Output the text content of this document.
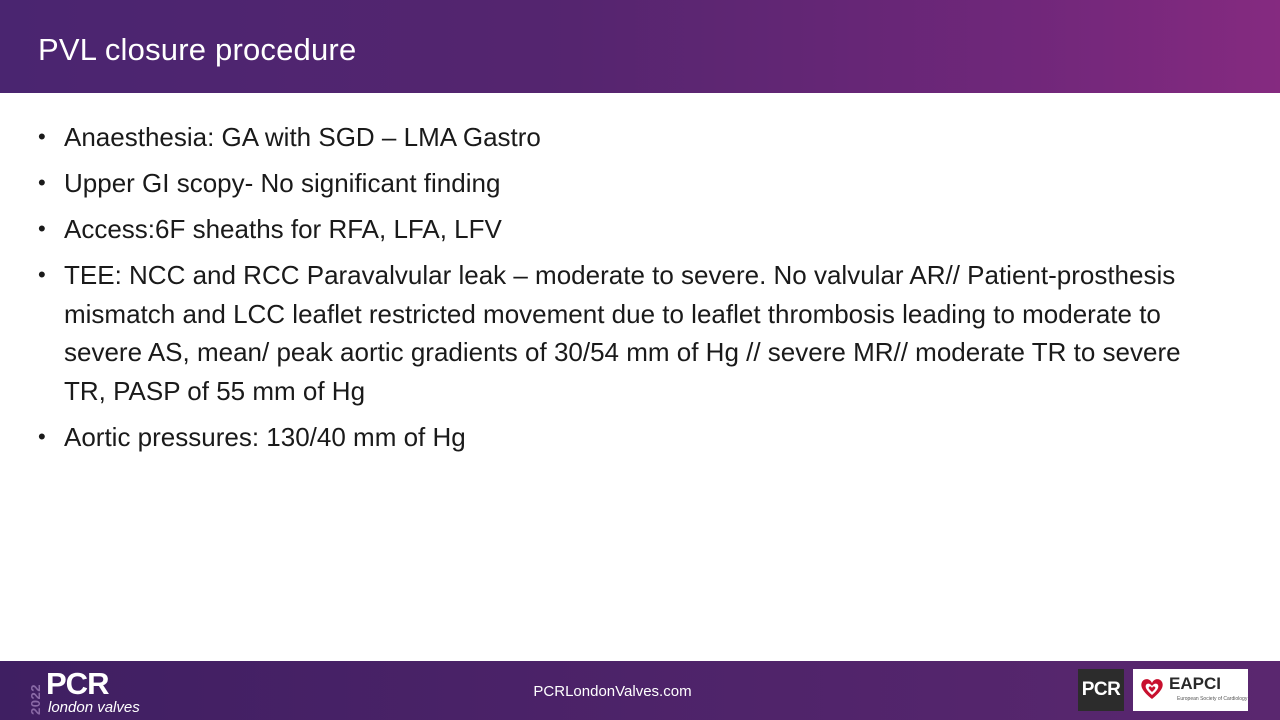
PVL closure procedure
• Anaesthesia: GA with SGD – LMA Gastro
• Upper GI scopy- No significant finding
• Access:6F sheaths for RFA, LFA, LFV
• TEE: NCC and RCC Paravalvular leak – moderate to severe. No valvular AR// Patient-prosthesis mismatch and LCC leaflet restricted movement due to leaflet thrombosis leading to moderate to severe AS, mean/ peak aortic gradients of 30/54 mm of Hg // severe MR// moderate TR to severe TR, PASP of 55 mm of Hg
• Aortic pressures: 130/40 mm of Hg
2022 PCR
london valves
PCRLondonValves.com	PCR	EAPCI
European Society of Cardiology
